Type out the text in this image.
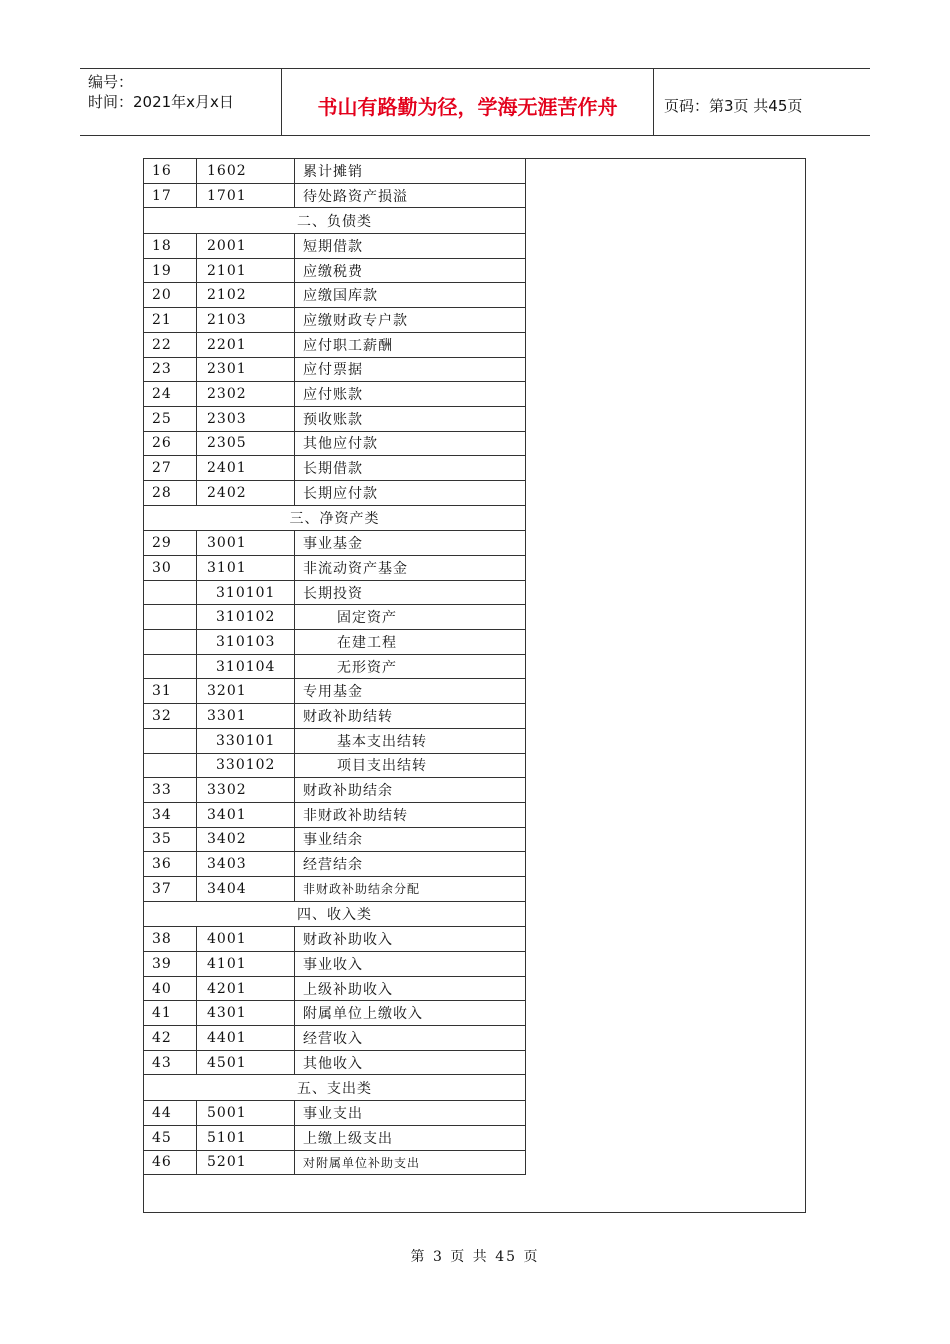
编号：
时间：2021年x月x日	书山有路勤为径，学海无涯苦作舟	页码：第3页 共45页
16	1602	累计摊销
17	1701	待处路资产损溢
二、负债类		
18	2001	短期借款
19	2101	应缴税费
20	2102	应缴国库款
21	2103	应缴财政专户款
22	2201	应付职工薪酬
23	2301	应付票据
24	2302	应付账款
25	2303	预收账款
26	2305	其他应付款
27	2401	长期借款
28	2402	长期应付款
三、净资产类		
29	3001	事业基金
30	3101	非流动资产基金
	310101	长期投资
	310102	固定资产
	310103	在建工程
	310104	无形资产
31	3201	专用基金
32	3301	财政补助结转
	330101	基本支出结转
	330102	项目支出结转
33	3302	财政补助结余
34	3401	非财政补助结转
35	3402	事业结余
36	3403	经营结余
37	3404	非财政补助结余分配
四、收入类		
38	4001	财政补助收入
39	4101	事业收入
40	4201	上级补助收入
41	4301	附属单位上缴收入
42	4401	经营收入
43	4501	其他收入
五、支出类		
44	5001	事业支出
45	5101	上缴上级支出
46	5201	对附属单位补助支出
第 3 页 共 45 页
